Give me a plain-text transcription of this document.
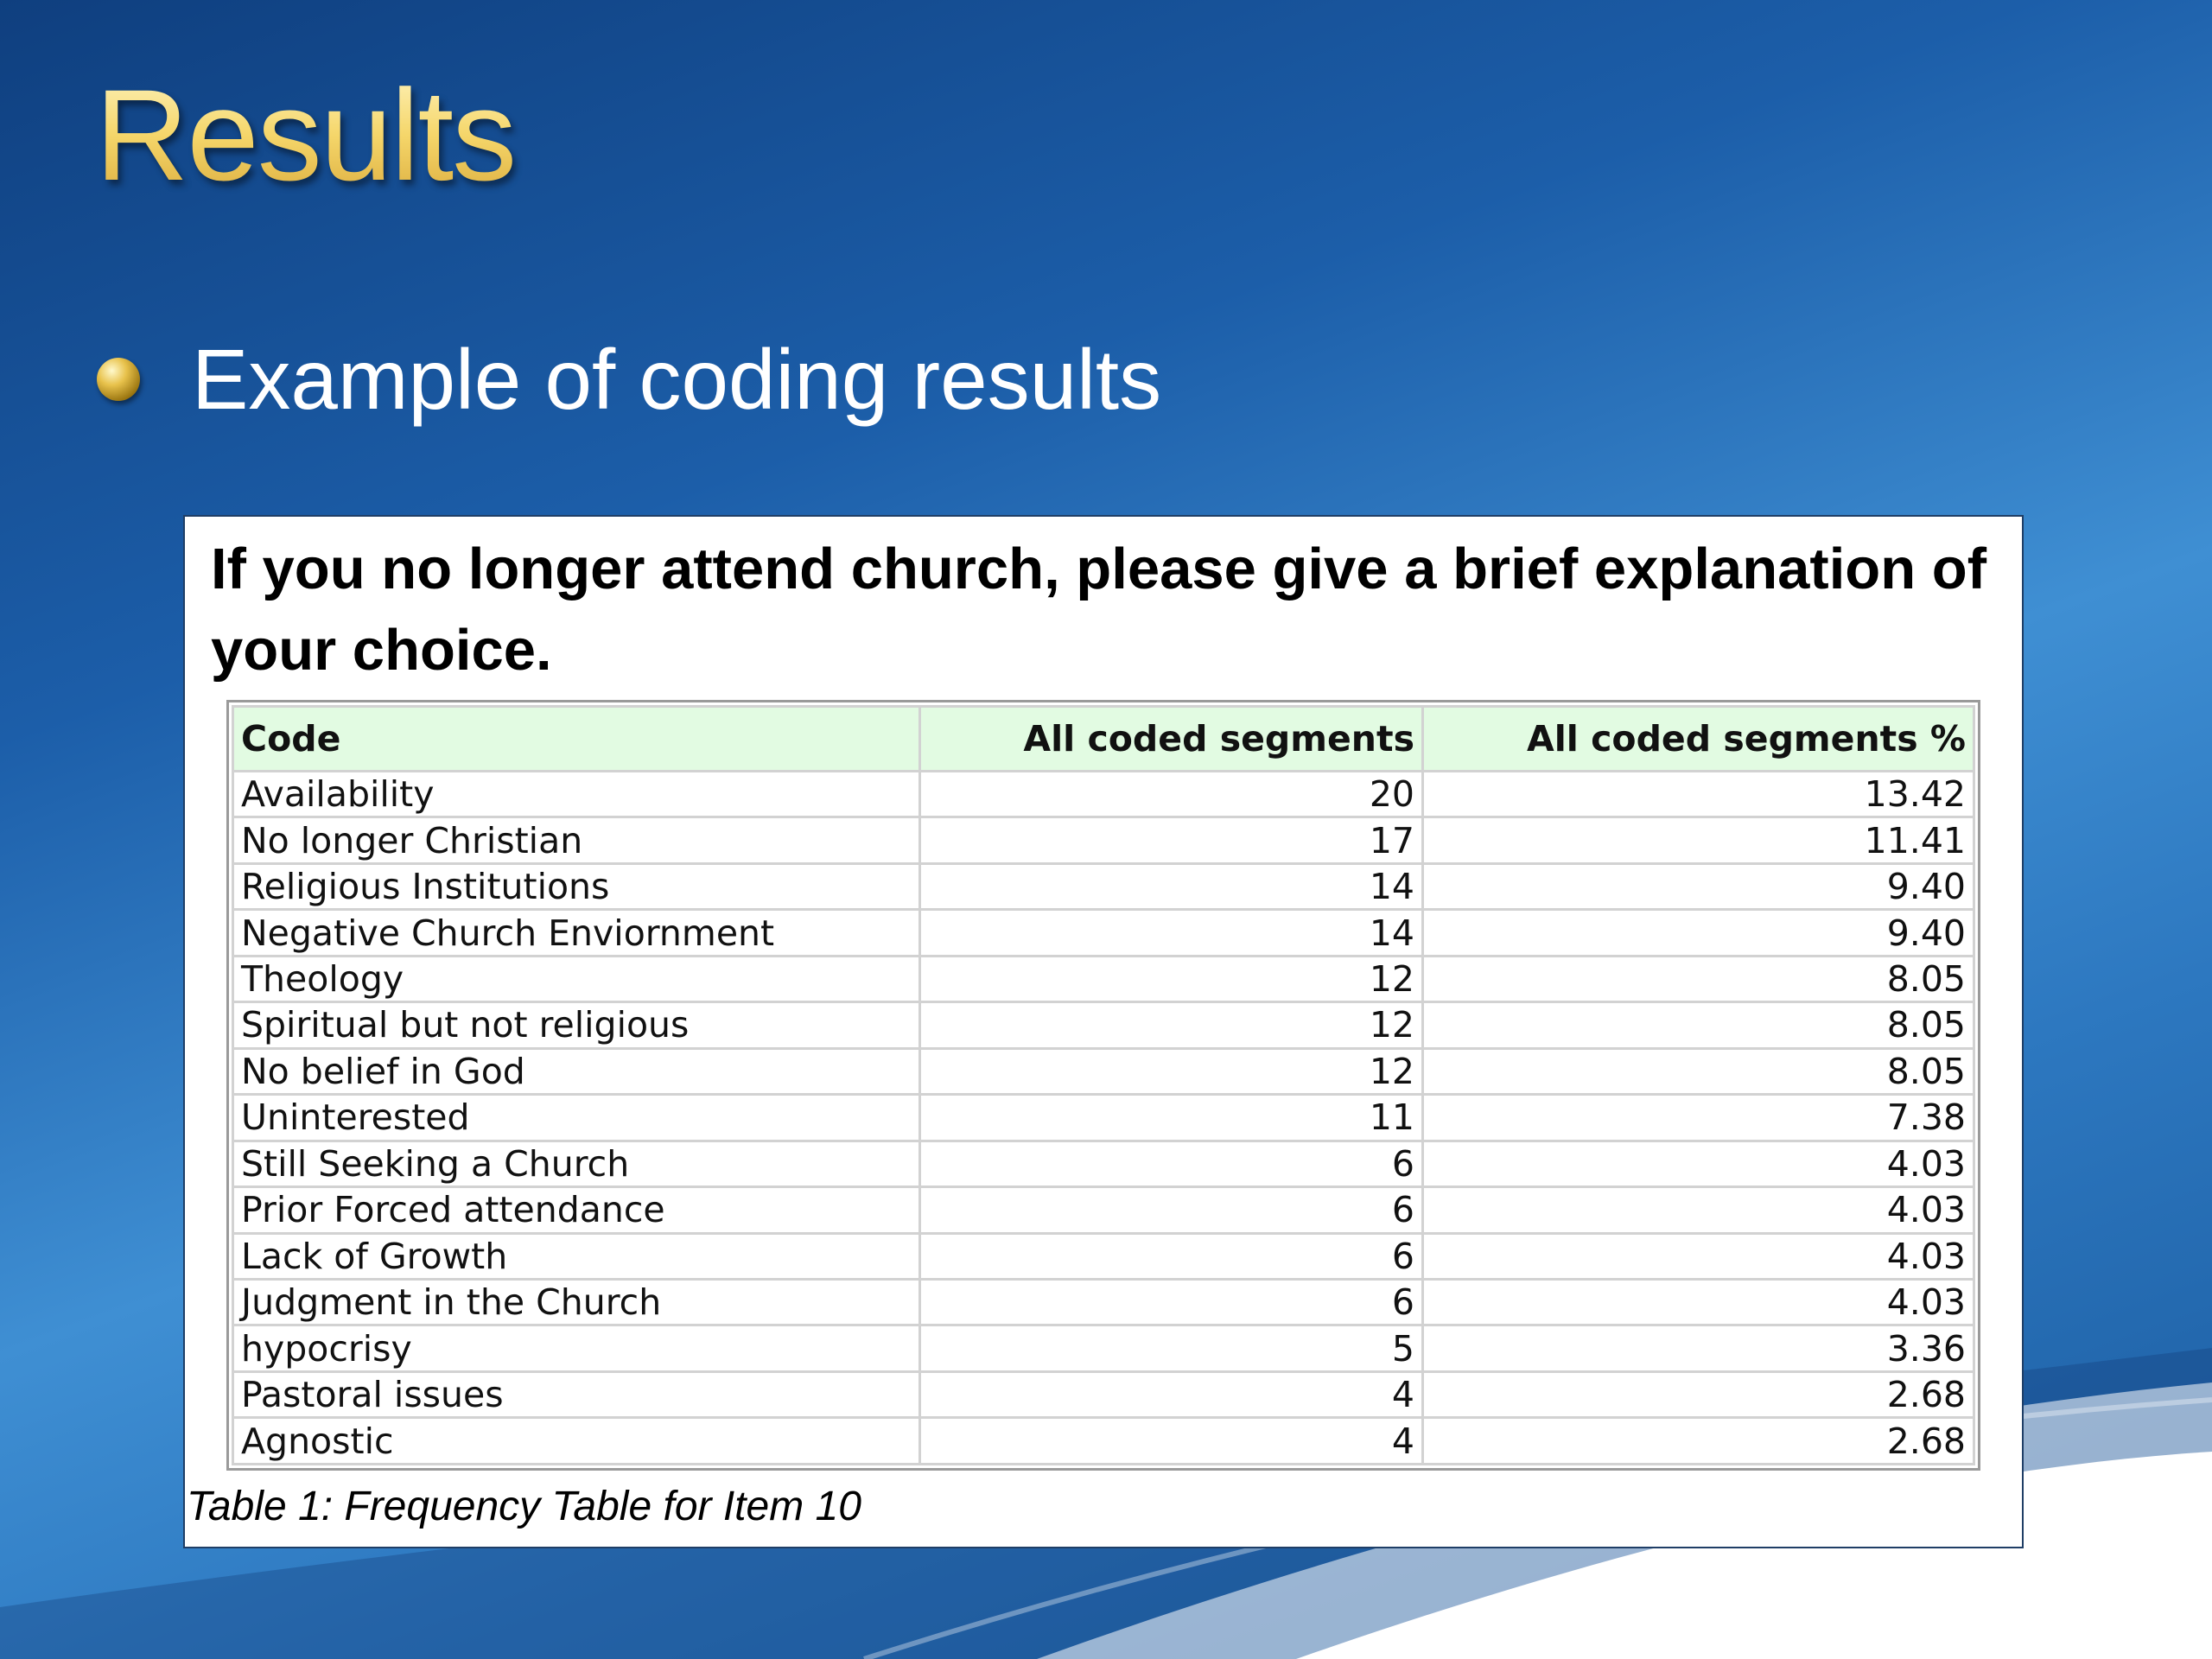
Results
Example of coding results

If you no longer attend church, please give a brief explanation of your choice.

Code	All coded segments	All coded segments %
Availability	20	13.42
No longer Christian	17	11.41
Religious Institutions	14	9.40
Negative Church Enviornment	14	9.40
Theology	12	8.05
Spiritual but not religious	12	8.05
No belief in God	12	8.05
Uninterested	11	7.38
Still Seeking a Church	6	4.03
Prior Forced attendance	6	4.03
Lack of Growth	6	4.03
Judgment in the Church	6	4.03
hypocrisy	5	3.36
Pastoral issues	4	2.68
Agnostic	4	2.68

Table 1: Frequency Table for Item 10
